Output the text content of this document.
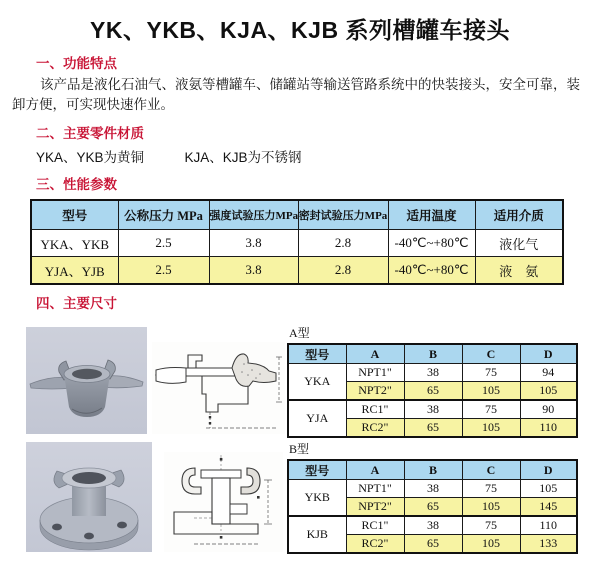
YK、YKB、KJA、KJB 系列槽罐车接头
一、功能特点
该产品是液化石油气、液氨等槽罐车、储罐站等输送管路系统中的快装接头，安全可靠，装卸方便，可实现快速作业。
二、主要零件材质
YKA、YKB为黄铜　　　KJA、KJB为不锈钢
三、性能参数
型号	公称压力 MPa	强度试验压力MPa	密封试验压力MPa	适用温度	适用介质
YKA、YKB	2.5	3.8	2.8	-40℃~+80℃	液化气
YJA、YJB	2.5	3.8	2.8	-40℃~+80℃	液　氨
四、主要尺寸
A型
型号	A	B	C	D
YKA	NPT1"	38	75	94
	NPT2"	65	105	105
YJA	RC1"	38	75	90
	RC2"	65	105	110
B型
型号	A	B	C	D
YKB	NPT1"	38	75	105
	NPT2"	65	105	145
KJB	RC1"	38	75	110
	RC2"	65	105	133
